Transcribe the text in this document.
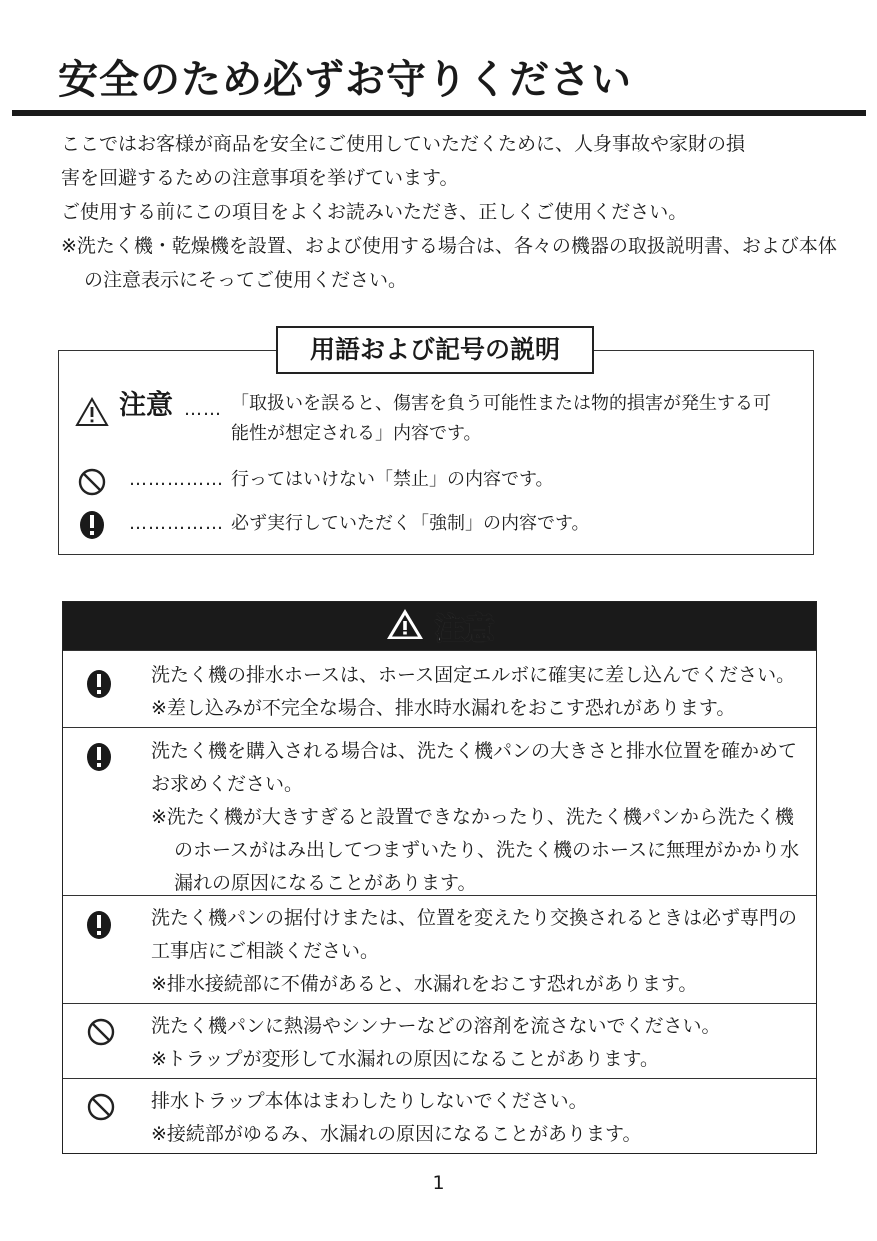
安全のため必ずお守りください

ここではお客様が商品を安全にご使用していただくために、人身事故や家財の損

害を回避するための注意事項を挙げています。

ご使用する前にこの項目をよくお読みいただき、正しくご使用ください。

※洗たく機・乾燥機を設置、および使用する場合は、各々の機器の取扱説明書、および本体の注意表示にそってご使用ください。

注意 …… 「取扱いを誤ると、傷害を負う可能性または物的損害が発生する可
能性が想定される」内容です。
…………… 行ってはいけない「禁止」の内容です。
…………… 必ず実行していただく「強制」の内容です。
用語および記号の説明
注意

洗たく機の排水ホースは、ホース固定エルボに確実に差し込んでください。

※差し込みが不完全な場合、排水時水漏れをおこす恐れがあります。

洗たく機を購入される場合は、洗たく機パンの大きさと排水位置を確かめてお求めください。

※洗たく機が大きすぎると設置できなかったり、洗たく機パンから洗たく機のホースがはみ出してつまずいたり、洗たく機のホースに無理がかかり水漏れの原因になることがあります。

洗たく機パンの据付けまたは、位置を変えたり交換されるときは必ず専門の工事店にご相談ください。

※排水接続部に不備があると、水漏れをおこす恐れがあります。

洗たく機パンに熱湯やシンナーなどの溶剤を流さないでください。

※トラップが変形して水漏れの原因になることがあります。

排水トラップ本体はまわしたりしないでください。

※接続部がゆるみ、水漏れの原因になることがあります。

1
